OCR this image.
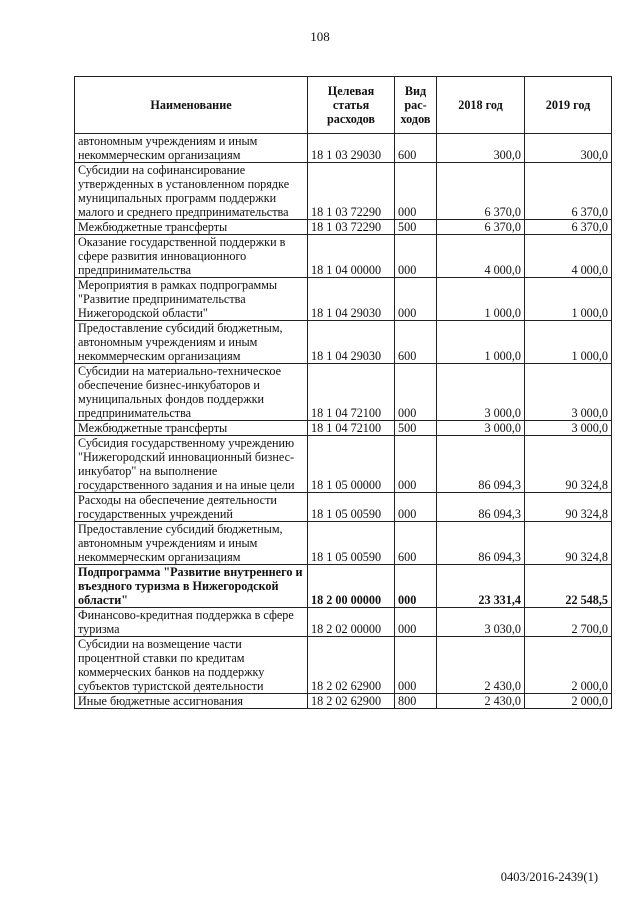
108
Наименование	Целевая статья расходов	Вид рас-ходов	2018 год	2019 год
автономным учреждениям и иным некоммерческим организациям	18 1 03 29030	600	300,0	300,0
Субсидии на софинансирование утвержденных в установленном порядке муниципальных программ поддержки малого и среднего предпринимательства	18 1 03 72290	000	6 370,0	6 370,0
Межбюджетные трансферты	18 1 03 72290	500	6 370,0	6 370,0
Оказание государственной поддержки в сфере развития инновационного предпринимательства	18 1 04 00000	000	4 000,0	4 000,0
Мероприятия в рамках подпрограммы "Развитие предпринимательства Нижегородской области"	18 1 04 29030	000	1 000,0	1 000,0
Предоставление субсидий бюджетным, автономным учреждениям и иным некоммерческим организациям	18 1 04 29030	600	1 000,0	1 000,0
Субсидии на материально-техническое обеспечение бизнес-инкубаторов и муниципальных фондов поддержки предпринимательства	18 1 04 72100	000	3 000,0	3 000,0
Межбюджетные трансферты	18 1 04 72100	500	3 000,0	3 000,0
Субсидия государственному учреждению "Нижегородский инновационный бизнес-инкубатор" на выполнение государственного задания и на иные цели	18 1 05 00000	000	86 094,3	90 324,8
Расходы на обеспечение деятельности государственных учреждений	18 1 05 00590	000	86 094,3	90 324,8
Предоставление субсидий бюджетным, автономным учреждениям и иным некоммерческим организациям	18 1 05 00590	600	86 094,3	90 324,8
Подпрограмма "Развитие внутреннего и въездного туризма в Нижегородской области"	18 2 00 00000	000	23 331,4	22 548,5
Финансово-кредитная поддержка в сфере туризма	18 2 02 00000	000	3 030,0	2 700,0
Субсидии на возмещение части процентной ставки по кредитам коммерческих банков на поддержку субъектов туристской деятельности	18 2 02 62900	000	2 430,0	2 000,0
Иные бюджетные ассигнования	18 2 02 62900	800	2 430,0	2 000,0
0403/2016-2439(1)
